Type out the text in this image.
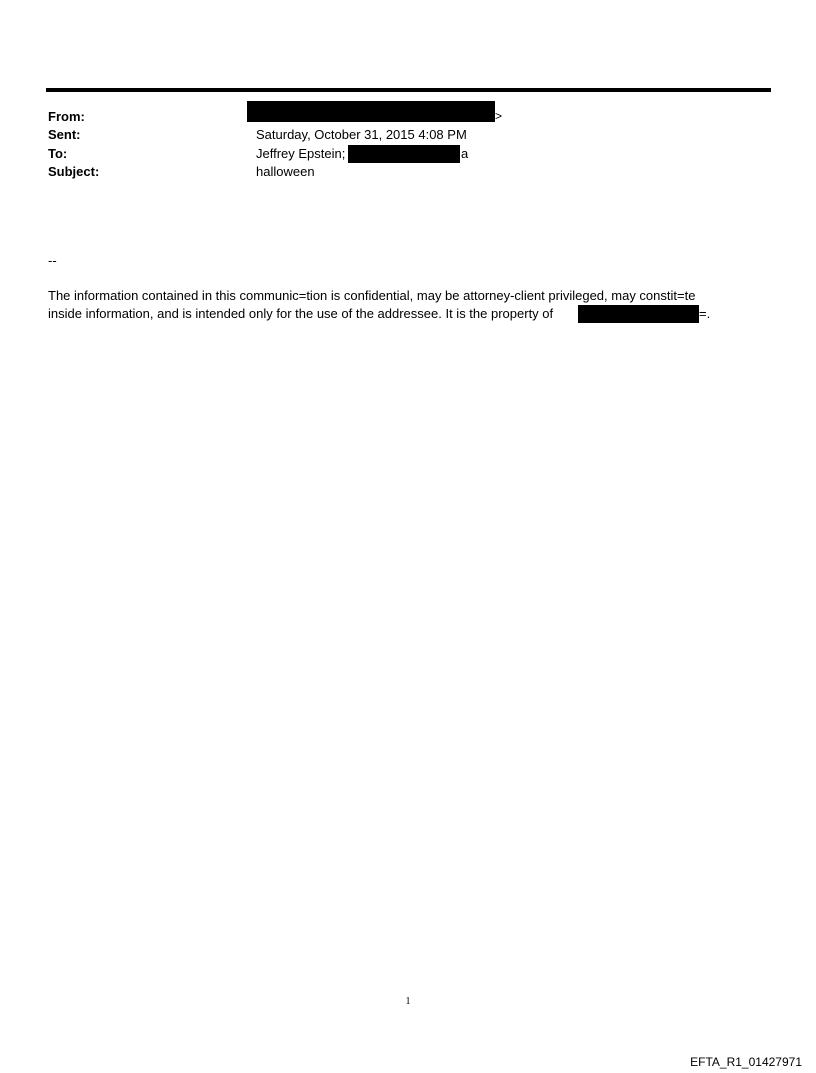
From:	>
Sent:	Saturday, October 31, 2015 4:08 PM
To:	Jeffrey Epstein;	a
Subject:	halloween
--
The information contained in this communic=tion is confidential, may be attorney-client privileged, may constit=te
inside information, and is intended only for the use of the addressee. It is the property of	=.
1
EFTA_R1_01427971
